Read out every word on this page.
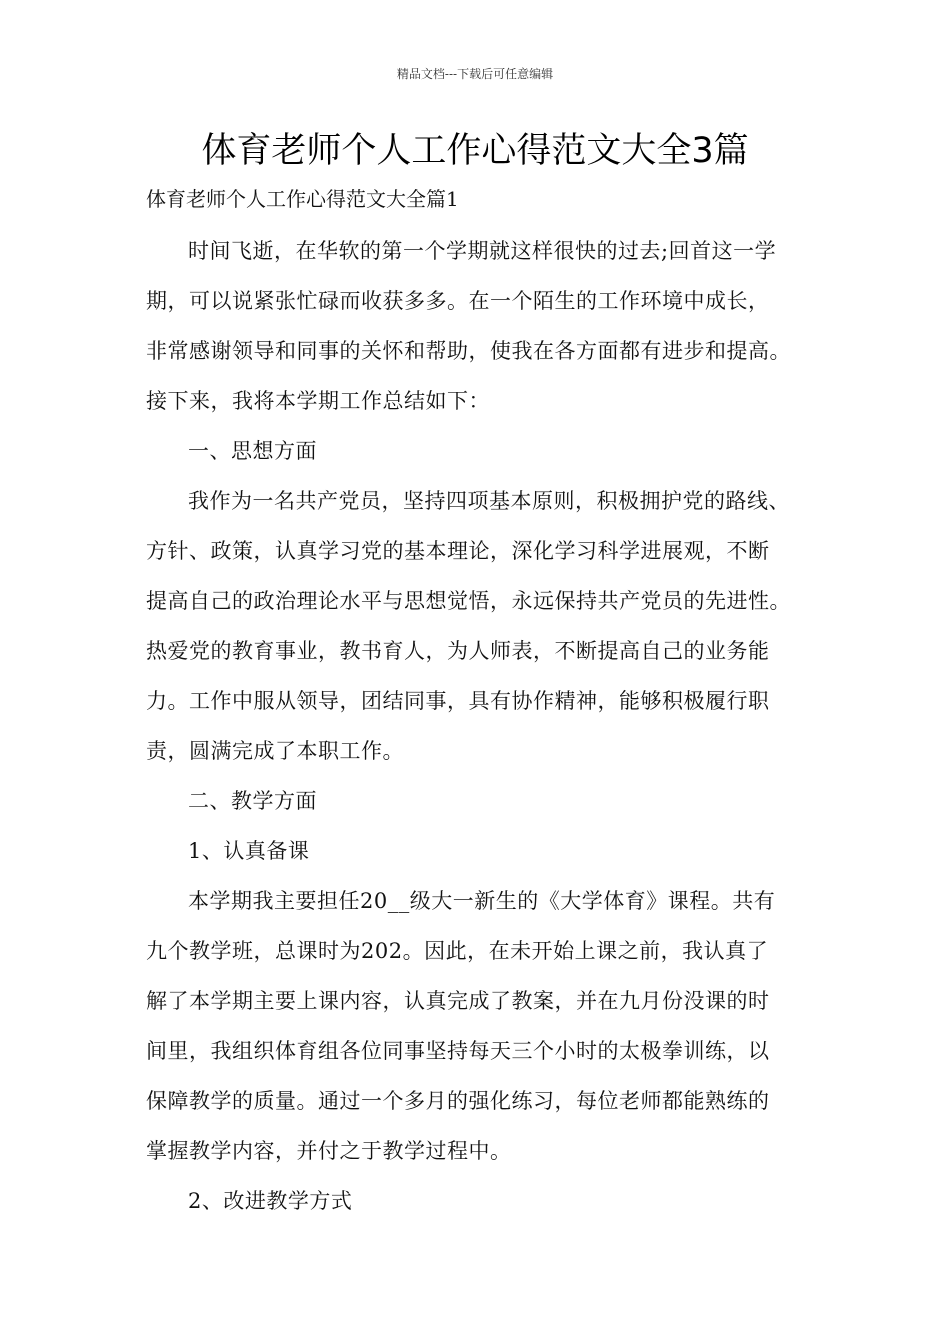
精品文档---下载后可任意编辑
体育老师个人工作心得范文大全3篇

体育老师个人工作心得范文大全篇1

时间飞逝，在华软的第一个学期就这样很快的过去;回首这一学
期，可以说紧张忙碌而收获多多。在一个陌生的工作环境中成长，
非常感谢领导和同事的关怀和帮助，使我在各方面都有进步和提高。
接下来，我将本学期工作总结如下：

一、思想方面

我作为一名共产党员，坚持四项基本原则，积极拥护党的路线、
方针、政策，认真学习党的基本理论，深化学习科学进展观，不断
提高自己的政治理论水平与思想觉悟，永远保持共产党员的先进性。
热爱党的教育事业，教书育人，为人师表，不断提高自己的业务能
力。工作中服从领导，团结同事，具有协作精神，能够积极履行职
责，圆满完成了本职工作。

二、教学方面

1、认真备课

本学期我主要担任20__级大一新生的《大学体育》课程。共有
九个教学班，总课时为202。因此，在未开始上课之前，我认真了
解了本学期主要上课内容，认真完成了教案，并在九月份没课的时
间里，我组织体育组各位同事坚持每天三个小时的太极拳训练，以
保障教学的质量。通过一个多月的强化练习，每位老师都能熟练的
掌握教学内容，并付之于教学过程中。

2、改进教学方式
